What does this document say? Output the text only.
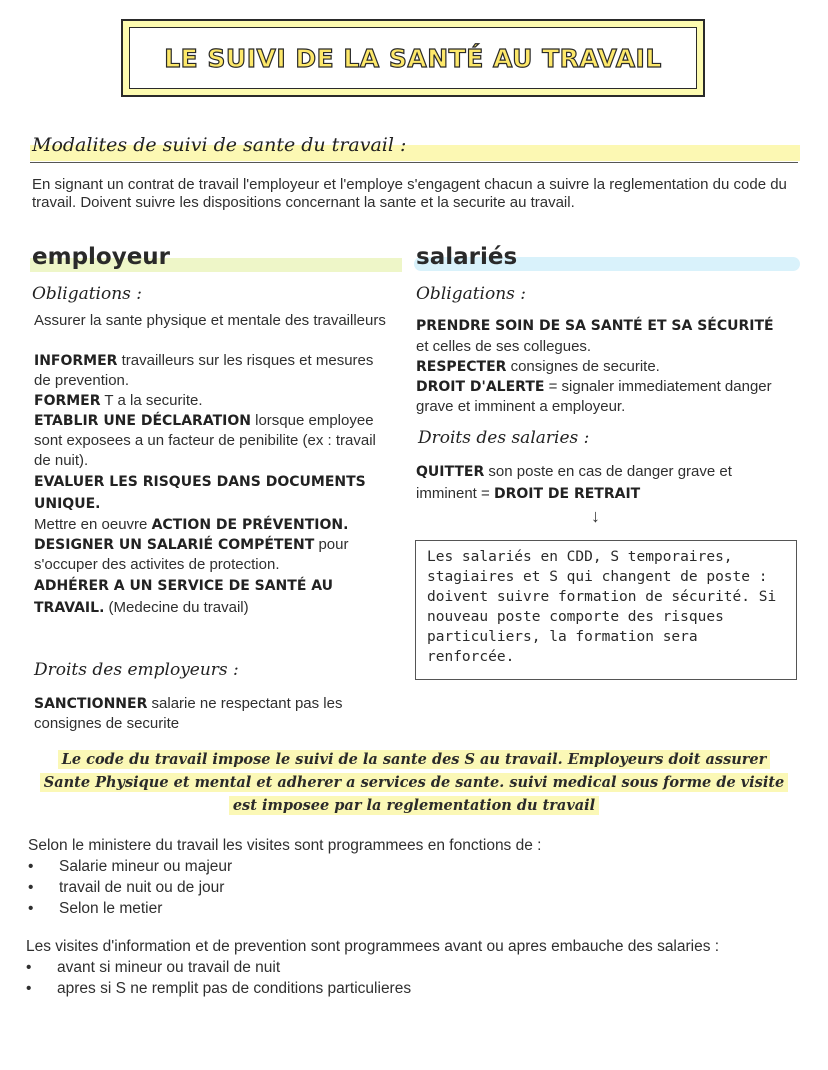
LE SUIVI DE LA SANTÉ AU TRAVAIL
Modalites de suivi de sante du travail :
En signant un contrat de travail l'employeur et l'employe s'engagent chacun a suivre la reglementation du code du travail. Doivent suivre les dispositions concernant la sante et la securite au travail.
employeur
Obligations :
Assurer la sante physique et mentale des travailleurs
INFORMER travailleurs sur les risques et mesures de prevention.
FORMER T a la securite.
ETABLIR UNE DÉCLARATION lorsque employee sont exposees a un facteur de penibilite (ex : travail de nuit).
EVALUER LES RISQUES DANS DOCUMENTS UNIQUE.
Mettre en oeuvre ACTION DE PRÉVENTION.
DESIGNER UN SALARIÉ COMPÉTENT pour s'occuper des activites de protection.
ADHÉRER A UN SERVICE DE SANTÉ AU TRAVAIL. (Medecine du travail)
Droits des employeurs :
SANCTIONNER salarie ne respectant pas les consignes de securite
salariés
Obligations :
PRENDRE SOIN DE SA SANTÉ ET SA SÉCURITÉ
et celles de ses collegues.
RESPECTER consignes de securite.
DROIT D'ALERTE = signaler immediatement danger grave et imminent a employeur.
Droits des salaries :
QUITTER son poste en cas de danger grave et imminent = DROIT DE RETRAIT
↓
Les salariés en CDD, S temporaires, stagiaires et S qui changent de poste : doivent suivre formation de sécurité. Si nouveau poste comporte des risques particuliers, la formation sera renforcée.
Le code du travail impose le suivi de la sante des S au travail. Employeurs doit assurer Sante Physique et mental et adherer a services de sante. suivi medical sous forme de visite est imposee par la reglementation du travail
Selon le ministere du travail les visites sont programmees en fonctions de :
• Salarie mineur ou majeur
• travail de nuit ou de jour
• Selon le metier
Les visites d'information et de prevention sont programmees avant ou apres embauche des salaries :
• avant si mineur ou travail de nuit
• apres si S ne remplit pas de conditions particulieres
